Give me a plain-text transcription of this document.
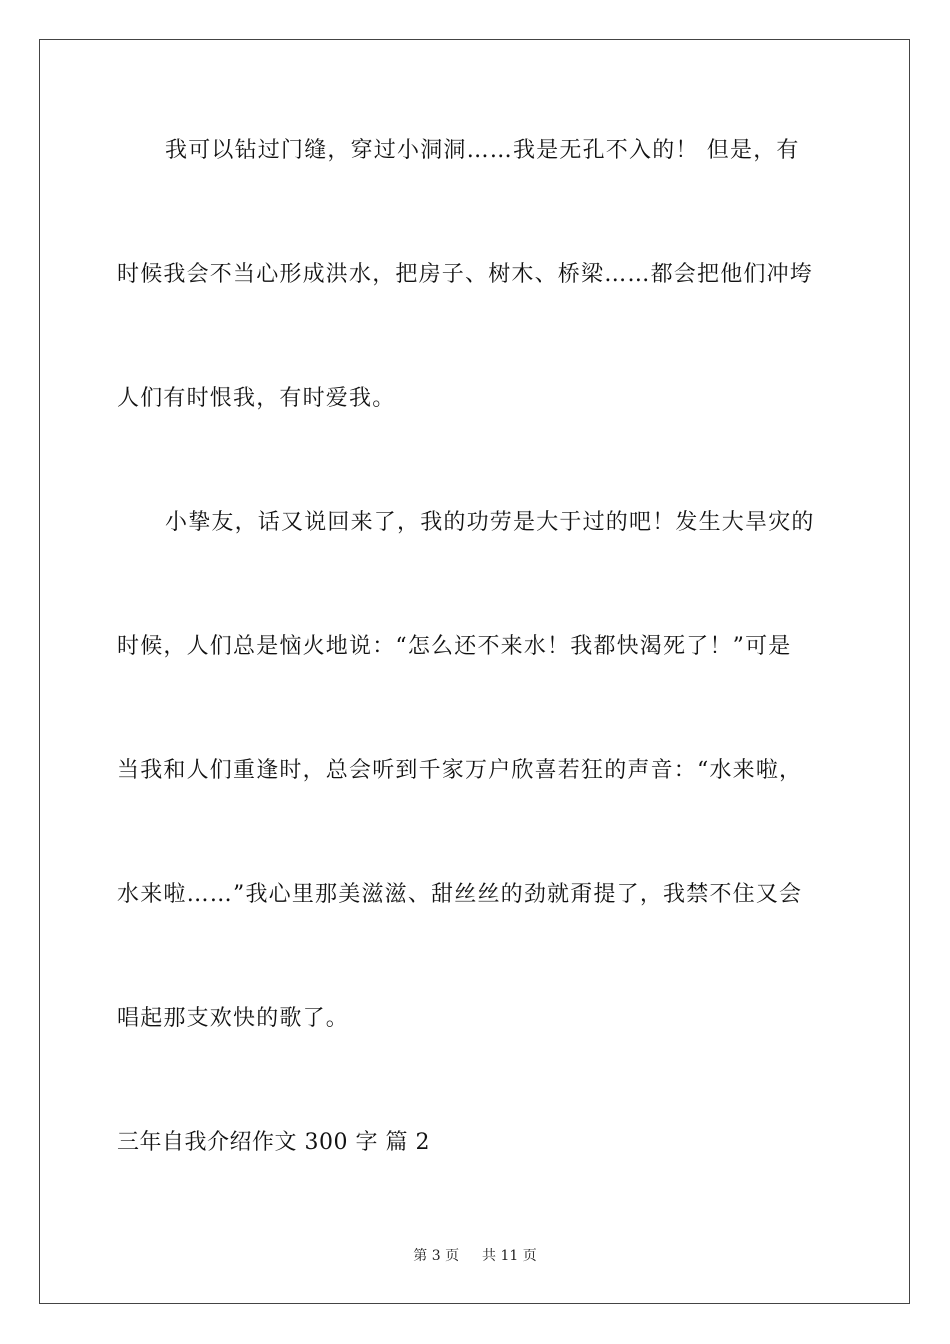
我可以钻过门缝，穿过小洞洞……我是无孔不入的！ 但是，有
时候我会不当心形成洪水，把房子、树木、桥梁……都会把他们冲垮
人们有时恨我，有时爱我。
小挚友，话又说回来了，我的功劳是大于过的吧！发生大旱灾的
时候，人们总是恼火地说：“怎么还不来水！我都快渴死了！”可是
当我和人们重逢时，总会听到千家万户欣喜若狂的声音：“水来啦，
水来啦……”我心里那美滋滋、甜丝丝的劲就甭提了，我禁不住又会
唱起那支欢快的歌了。
三年自我介绍作文 300 字 篇 2
第 3 页 共 11 页
